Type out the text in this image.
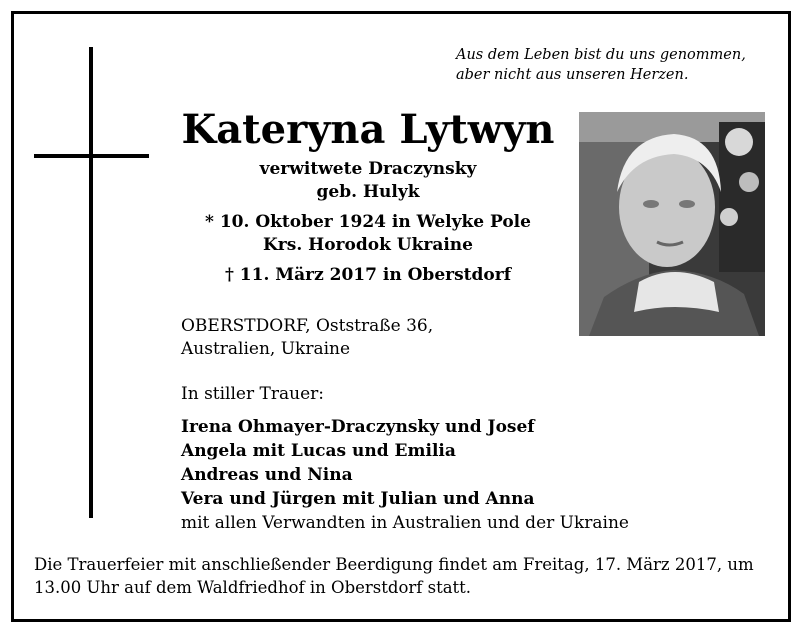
Aus dem Leben bist du uns genommen,
aber nicht aus unseren Herzen.
Kateryna Lytwyn
verwitwete Draczynsky
geb. Hulyk
* 10. Oktober 1924 in Welyke Pole
Krs. Horodok Ukraine
† 11. März 2017 in Oberstdorf
OBERSTDORF, Oststraße 36,
Australien, Ukraine
In stiller Trauer:
Irena Ohmayer-Draczynsky und Josef
Angela mit Lucas und Emilia
Andreas und Nina
Vera und Jürgen mit Julian und Anna
mit allen Verwandten in Australien und der Ukraine
Die Trauerfeier mit anschließender Beerdigung findet am Freitag, 17. März 2017, um
13.00 Uhr auf dem Waldfriedhof in Oberstdorf statt.
